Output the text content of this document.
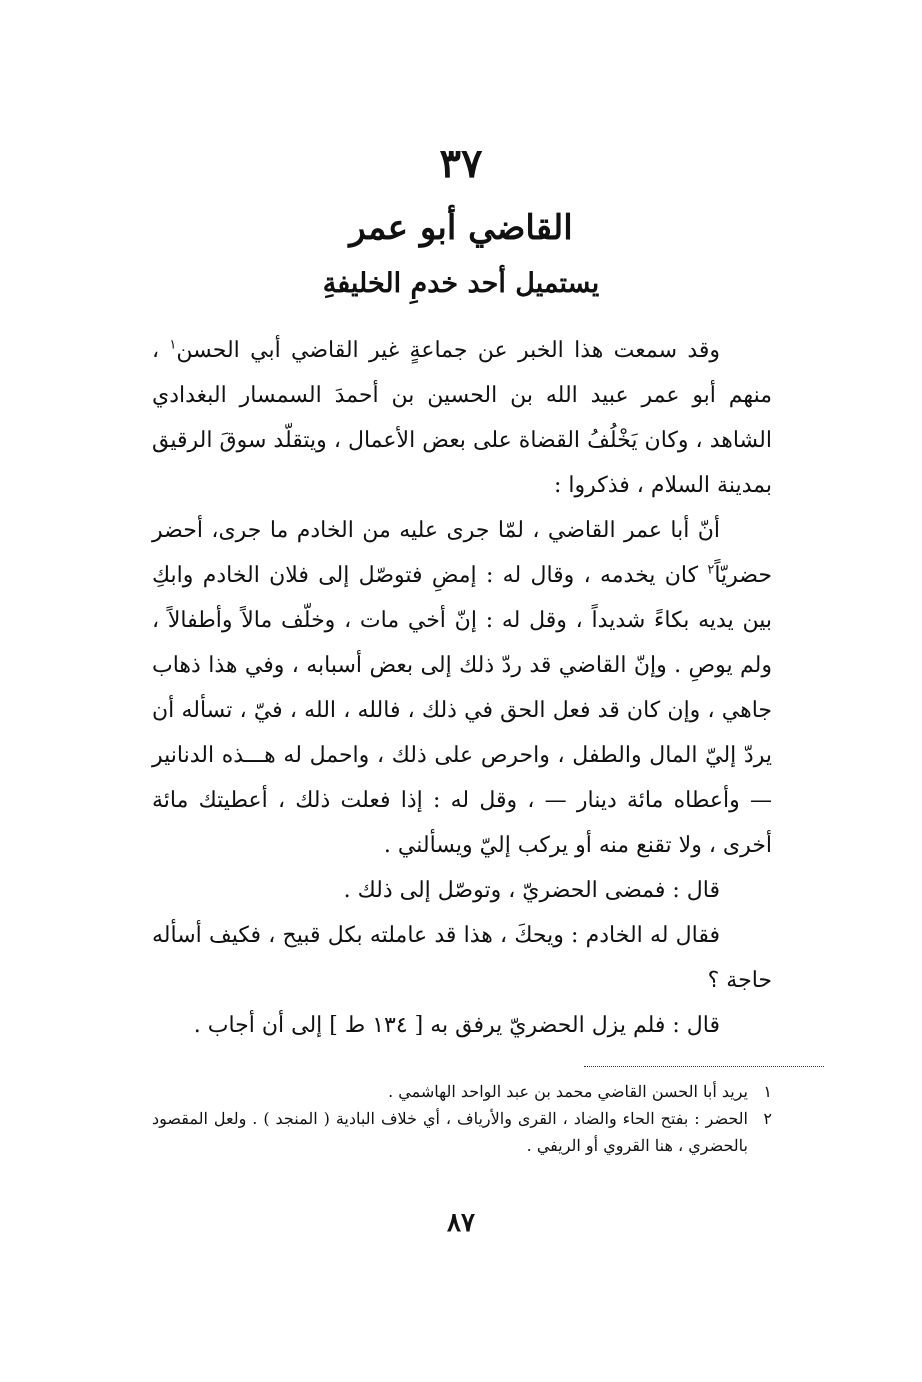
٣٧
القاضي أبو عمر
يستميل أحد خدمِ الخليفةِ

وقد سمعت هذا الخبر عن جماعةٍ غير القاضي أبي الحسن$^١$ ، منهم أبو عمر عبيد الله بن الحسين بن أحمدَ السمسار البغدادي الشاهد ، وكان يَخْلُفُ القضاة على بعض الأعمال ، ويتقلّد سوقَ الرقيق بمدينة السلام ، فذكروا :

أنّ أبا عمر القاضي ، لمّا جرى عليه من الخادم ما جرى، أحضر حضريّاً$^٢$ كان يخدمه ، وقال له : إمضِ فتوصّل إلى فلان الخادم وابكِ بين يديه بكاءً شديداً ، وقل له : إنّ أخي مات ، وخلّف مالاً وأطفالاً ، ولم يوصِ . وإنّ القاضي قد ردّ ذلك إلى بعض أسبابه ، وفي هذا ذهاب جاهي ، وإن كان قد فعل الحق في ذلك ، فالله ، الله ، فيّ ، تسأله أن يردّ إليّ المال والطفل ، واحرص على ذلك ، واحمل له هـــذه الدنانير — وأعطاه مائة دينار — ، وقل له : إذا فعلت ذلك ، أعطيتك مائة أخرى ، ولا تقنع منه أو يركب إليّ ويسألني .

قال : فمضى الحضريّ ، وتوصّل إلى ذلك .

فقال له الخادم : ويحكَ ، هذا قد عاملته بكل قبيح ، فكيف أسأله حاجة ؟

قال : فلم يزل الحضريّ يرفق به [ ١٣٤ ط ] إلى أن أجاب .

١
يريد أبا الحسن القاضي محمد بن عبد الواحد الهاشمي .
٢
الحضر : بفتح الحاء والضاد ، القرى والأرياف ، أي خلاف البادية ( المنجد ) . ولعل المقصود بالحضري ، هنا القروي أو الريفي .
٨٧
